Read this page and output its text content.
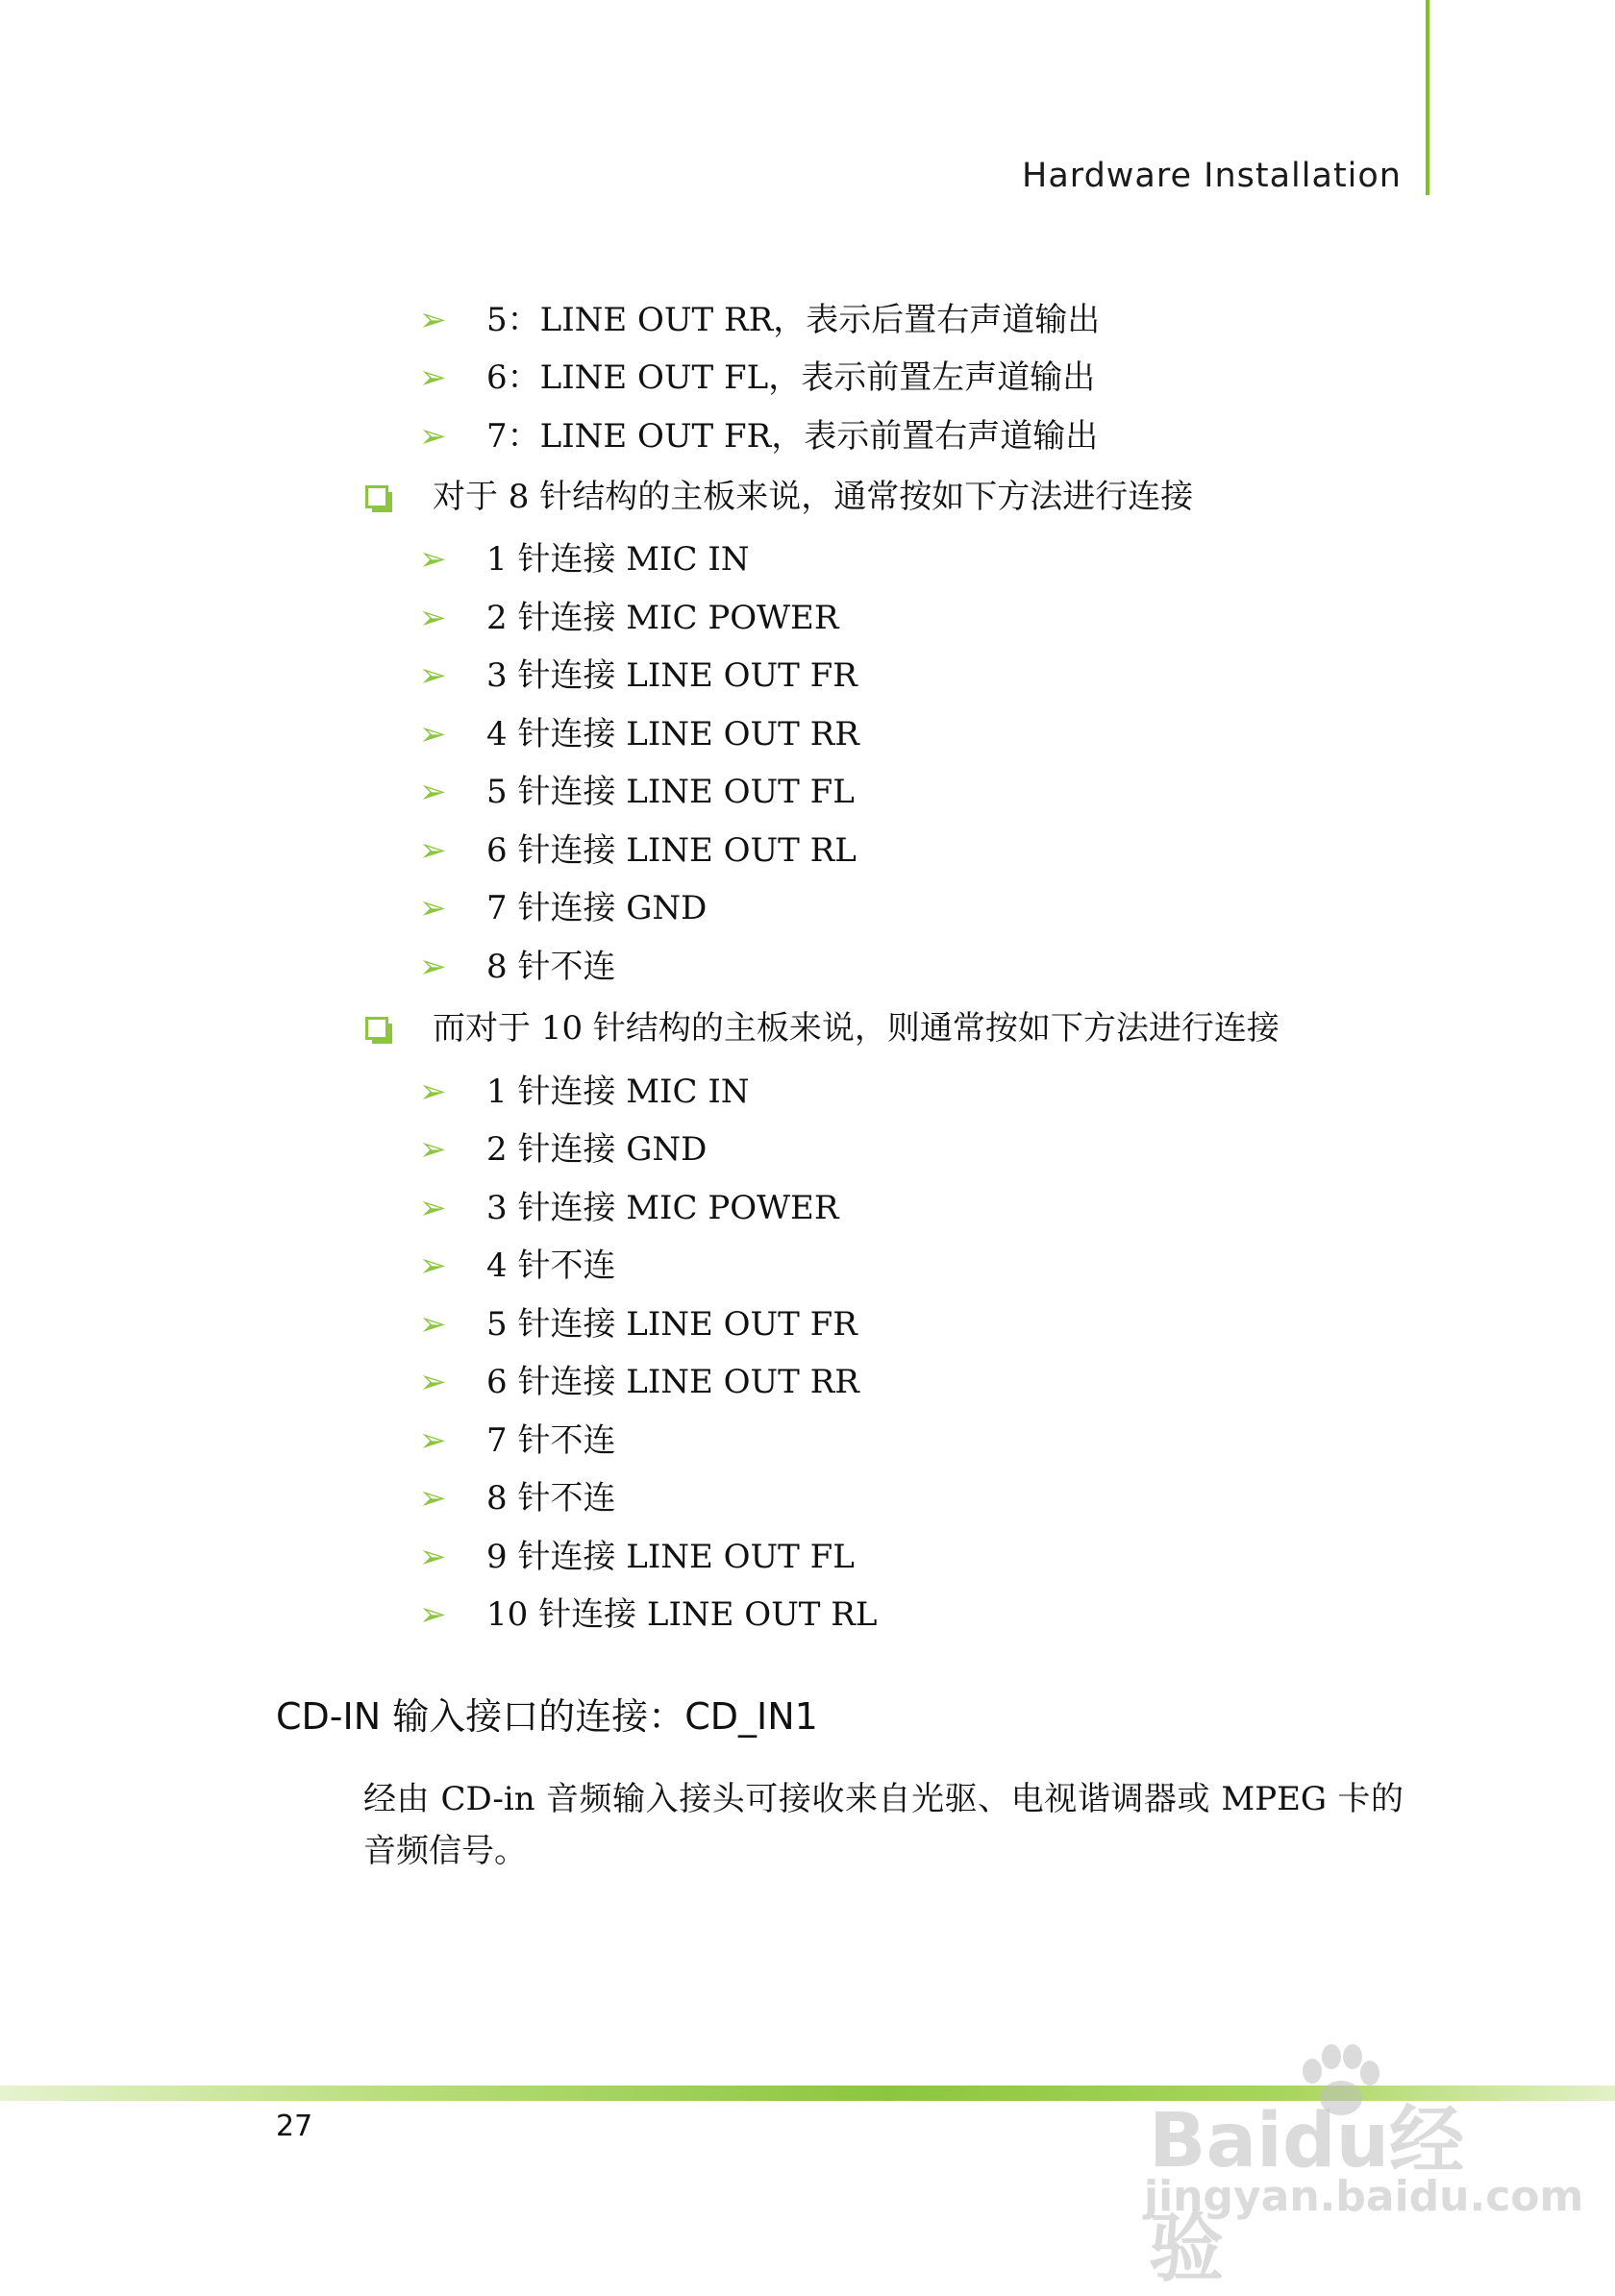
Hardware Installation
➢ 5：LINE OUT RR，表示后置右声道输出
➢ 6：LINE OUT FL，表示前置左声道输出
➢ 7：LINE OUT FR，表示前置右声道输出
对于 8 针结构的主板来说，通常按如下方法进行连接
➢ 1 针连接 MIC IN
➢ 2 针连接 MIC POWER
➢ 3 针连接 LINE OUT FR
➢ 4 针连接 LINE OUT RR
➢ 5 针连接 LINE OUT FL
➢ 6 针连接 LINE OUT RL
➢ 7 针连接 GND
➢ 8 针不连
而对于 10 针结构的主板来说，则通常按如下方法进行连接
➢ 1 针连接 MIC IN
➢ 2 针连接 GND
➢ 3 针连接 MIC POWER
➢ 4 针不连
➢ 5 针连接 LINE OUT FR
➢ 6 针连接 LINE OUT RR
➢ 7 针不连
➢ 8 针不连
➢ 9 针连接 LINE OUT FL
➢ 10 针连接 LINE OUT RL
CD-IN 输入接口的连接：CD_IN1
经由 CD-in 音频输入接头可接收来自光驱、电视谐调器或 MPEG 卡的音频信号。
27	Baidu经验
jingyan.baidu.com
